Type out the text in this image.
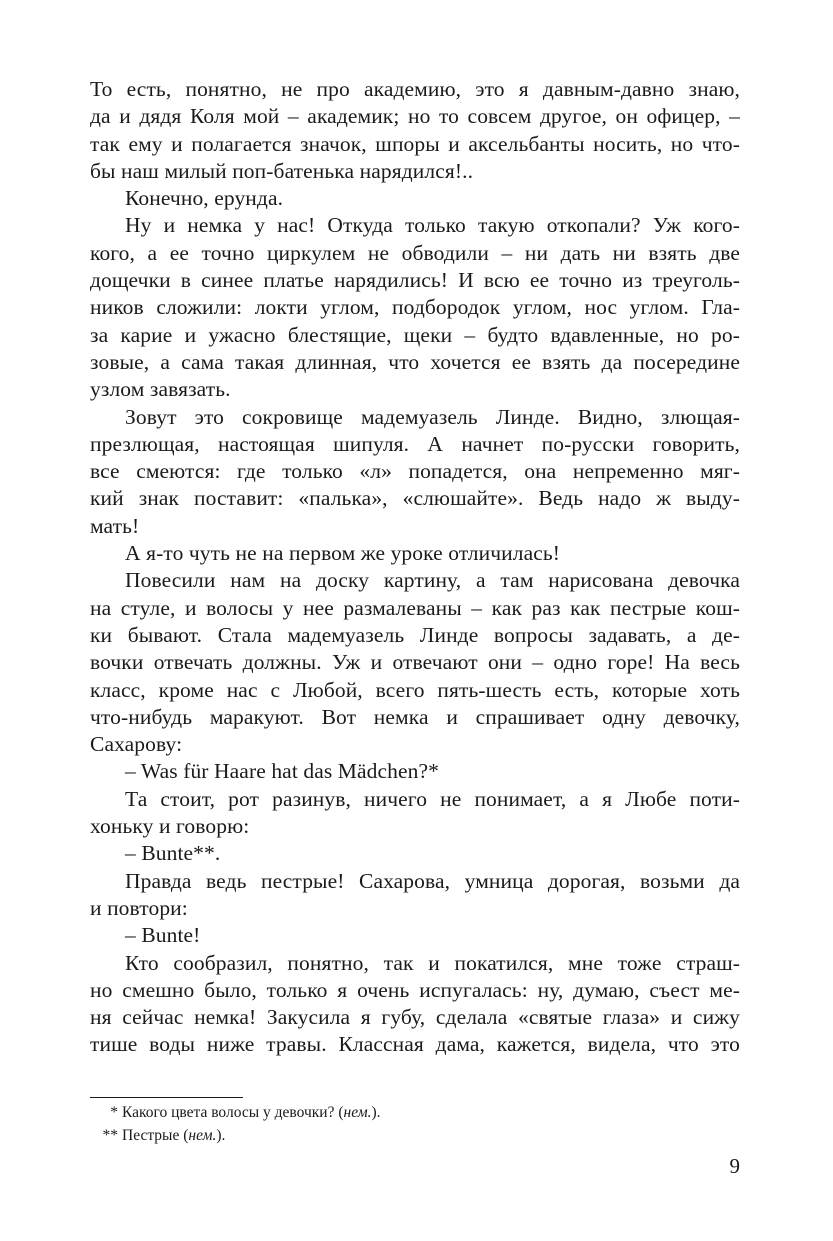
То есть, понятно, не про академию, это я давным-давно знаю,
да и дядя Коля мой – академик; но то совсем другое, он офицер, –
так ему и полагается значок, шпоры и аксельбанты носить, но что-
бы наш милый поп-батенька нарядился!..
Конечно, ерунда.
Ну и немка у нас! Откуда только такую откопали? Уж кого-
кого, а ее точно циркулем не обводили – ни дать ни взять две
дощечки в синее платье нарядились! И всю ее точно из треуголь-
ников сложили: локти углом, подбородок углом, нос углом. Гла-
за карие и ужасно блестящие, щеки – будто вдавленные, но ро-
зовые, а сама такая длинная, что хочется ее взять да посередине
узлом завязать.
Зовут это сокровище мадемуазель Линде. Видно, злющая-
презлющая, настоящая шипуля. А начнет по-русски говорить,
все смеются: где только «л» попадется, она непременно мяг-
кий знак поставит: «палька», «слюшайте». Ведь надо ж выду-
мать!
А я-то чуть не на первом же уроке отличилась!
Повесили нам на доску картину, а там нарисована девочка
на стуле, и волосы у нее размалеваны – как раз как пестрые кош-
ки бывают. Стала мадемуазель Линде вопросы задавать, а де-
вочки отвечать должны. Уж и отвечают они – одно горе! На весь
класс, кроме нас с Любой, всего пять-шесть есть, которые хоть
что-нибудь маракуют. Вот немка и спрашивает одну девочку,
Сахарову:
– Was für Haare hat das Mädchen?*
Та стоит, рот разинув, ничего не понимает, а я Любе поти-
хоньку и говорю:
– Bunte**.
Правда ведь пестрые! Сахарова, умница дорогая, возьми да
и повтори:
– Bunte!
Кто сообразил, понятно, так и покатился, мне тоже страш-
но смешно было, только я очень испугалась: ну, думаю, съест ме-
ня сейчас немка! Закусила я губу, сделала «святые глаза» и сижу
тише воды ниже травы. Классная дама, кажется, видела, что это
* Какого цвета волосы у девочки? (нем.).
** Пестрые (нем.).
9
